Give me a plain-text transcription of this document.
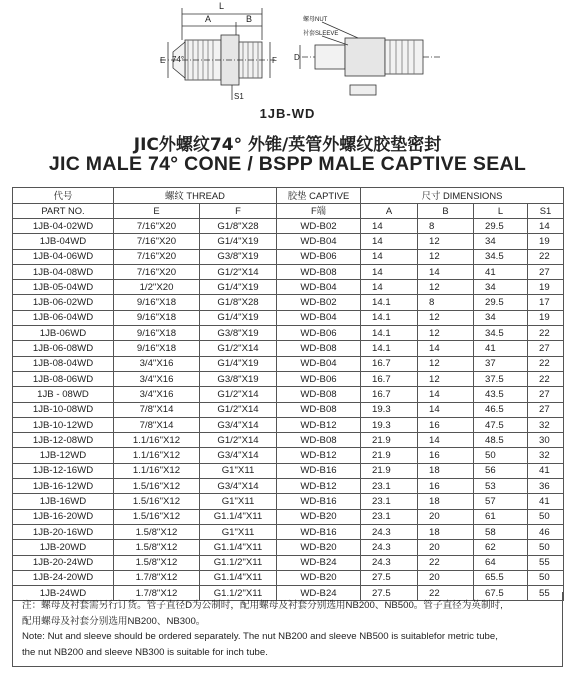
L
A	B
E 74°	F
S1
D
螺母NUT
衬套SLEEVE
1JB-WD
JIC外螺纹74° 外锥/英管外螺纹胶垫密封
JIC MALE 74° CONE / BSPP MALE CAPTIVE SEAL
代号	螺纹 THREAD		胶垫 CAPTIVE	尺寸 DIMENSIONS			
PART NO.	E	F	F端	A	B	L	S1
1JB-04-02WD	7/16"X20	G1/8"X28	WD-B02	14	8	29.5	14
1JB-04WD	7/16"X20	G1/4"X19	WD-B04	14	12	34	19
1JB-04-06WD	7/16"X20	G3/8"X19	WD-B06	14	12	34.5	22
1JB-04-08WD	7/16"X20	G1/2"X14	WD-B08	14	14	41	27
1JB-05-04WD	1/2"X20	G1/4"X19	WD-B04	14	12	34	19
1JB-06-02WD	9/16"X18	G1/8"X28	WD-B02	14.1	8	29.5	17
1JB-06-04WD	9/16"X18	G1/4"X19	WD-B04	14.1	12	34	19
1JB-06WD	9/16"X18	G3/8"X19	WD-B06	14.1	12	34.5	22
1JB-06-08WD	9/16"X18	G1/2"X14	WD-B08	14.1	14	41	27
1JB-08-04WD	3/4"X16	G1/4"X19	WD-B04	16.7	12	37	22
1JB-08-06WD	3/4"X16	G3/8"X19	WD-B06	16.7	12	37.5	22
1JB - 08WD	3/4"X16	G1/2"X14	WD-B08	16.7	14	43.5	27
1JB-10-08WD	7/8"X14	G1/2"X14	WD-B08	19.3	14	46.5	27
1JB-10-12WD	7/8"X14	G3/4"X14	WD-B12	19.3	16	47.5	32
1JB-12-08WD	1.1/16"X12	G1/2"X14	WD-B08	21.9	14	48.5	30
1JB-12WD	1.1/16"X12	G3/4"X14	WD-B12	21.9	16	50	32
1JB-12-16WD	1.1/16"X12	G1"X11	WD-B16	21.9	18	56	41
1JB-16-12WD	1.5/16"X12	G3/4"X14	WD-B12	23.1	16	53	36
1JB-16WD	1.5/16"X12	G1"X11	WD-B16	23.1	18	57	41
1JB-16-20WD	1.5/16"X12	G1.1/4"X11	WD-B20	23.1	20	61	50
1JB-20-16WD	1.5/8"X12	G1"X11	WD-B16	24.3	18	58	46
1JB-20WD	1.5/8"X12	G1.1/4"X11	WD-B20	24.3	20	62	50
1JB-20-24WD	1.5/8"X12	G1.1/2"X11	WD-B24	24.3	22	64	55
1JB-24-20WD	1.7/8"X12	G1.1/4"X11	WD-B20	27.5	20	65.5	50
1JB-24WD	1.7/8"X12	G1.1/2"X11	WD-B24	27.5	22	67.5	55
注：螺母及衬套需另行订货。管子直径D为公制时，配用螺母及衬套分别选用NB200、NB500。管子直径为英制时,
配用螺母及衬套分别选用NB200、NB300。
Note: Nut and sleeve should be ordered separately. The nut NB200 and sleeve NB500 is suitablefor metric tube,
the nut NB200 and sleeve NB300 is suitable for inch tube.
